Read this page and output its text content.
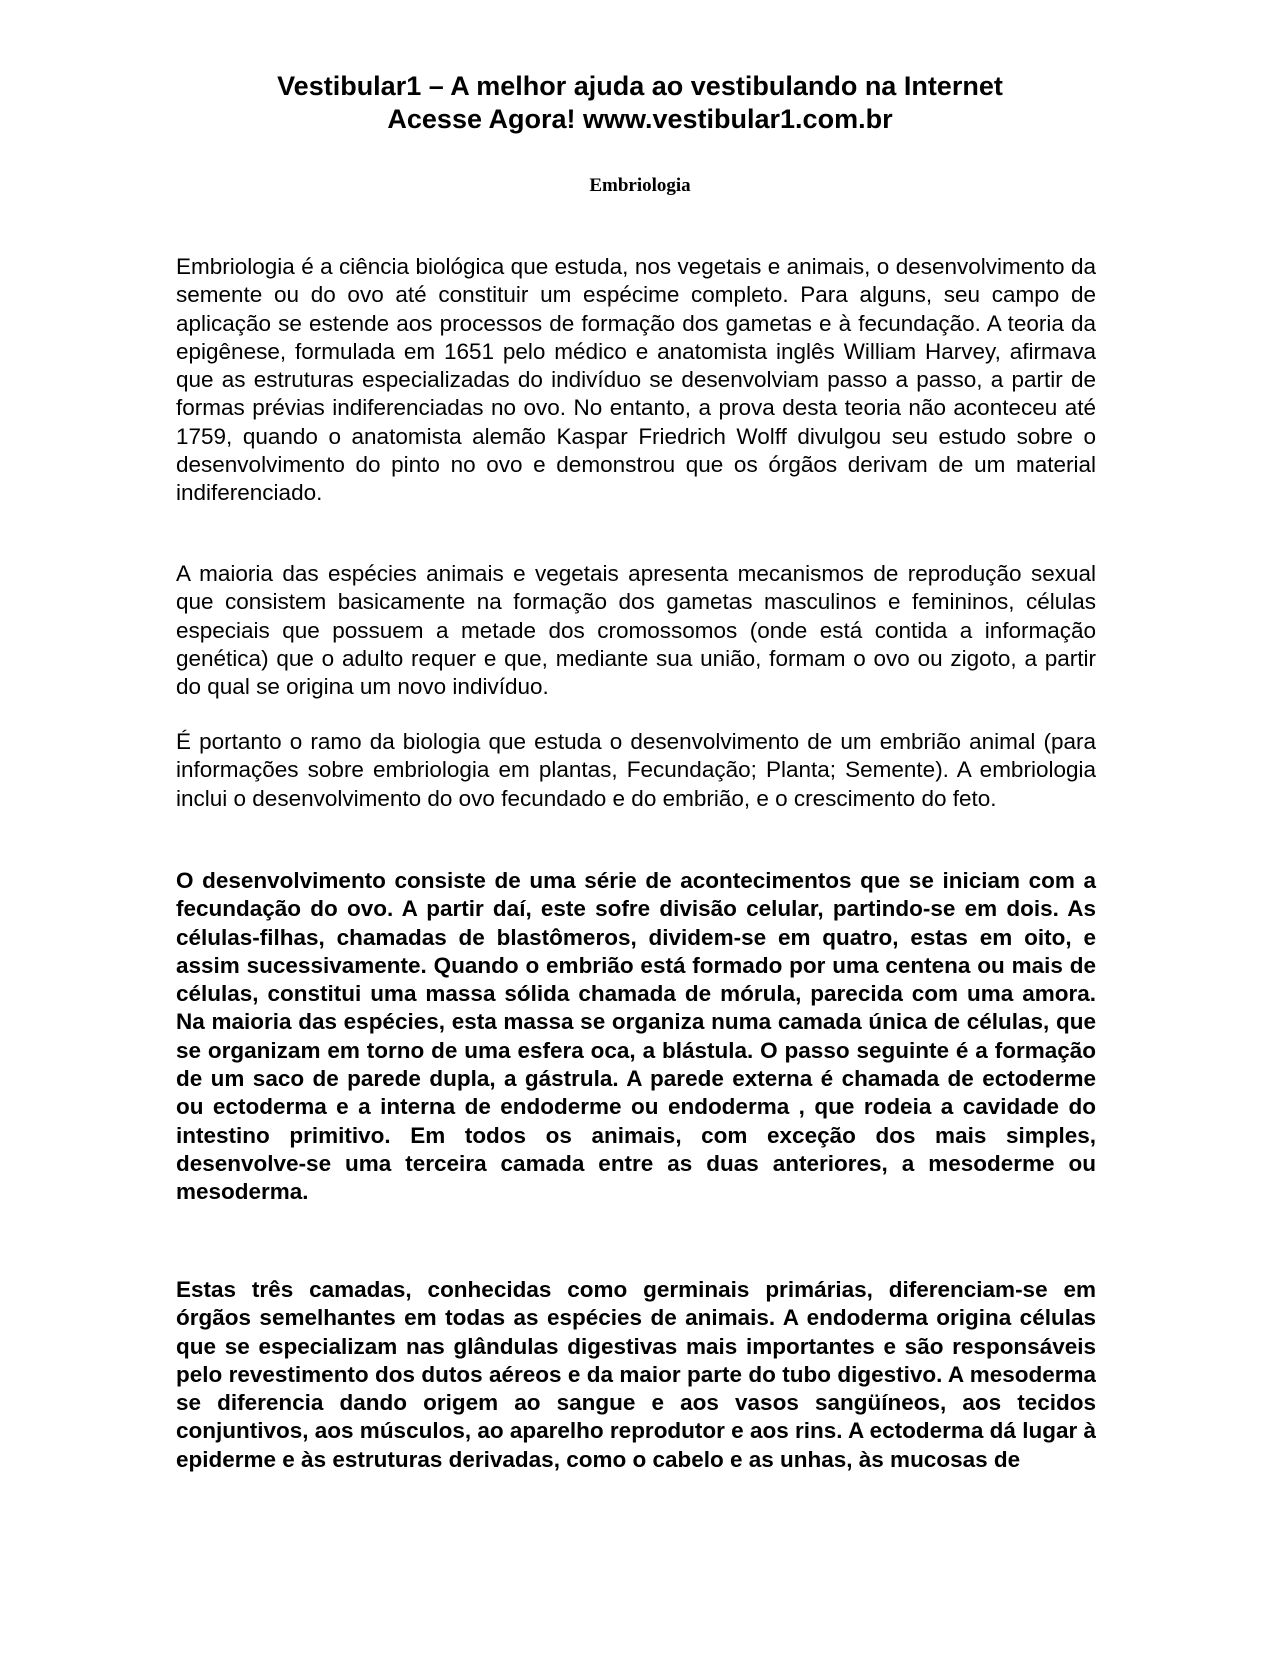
Vestibular1 – A melhor ajuda ao vestibulando na Internet
Acesse Agora! www.vestibular1.com.br
Embriologia

Embriologia é a ciência biológica que estuda, nos vegetais e animais, o desenvolvimento da semente ou do ovo até constituir um espécime completo. Para alguns, seu campo de aplicação se estende aos processos de formação dos gametas e à fecundação. A teoria da epigênese, formulada em 1651 pelo médico e anatomista inglês William Harvey, afirmava que as estruturas especializadas do indivíduo se desenvolviam passo a passo, a partir de formas prévias indiferenciadas no ovo. No entanto, a prova desta teoria não aconteceu até 1759, quando o anatomista alemão Kaspar Friedrich Wolff divulgou seu estudo sobre o desenvolvimento do pinto no ovo e demonstrou que os órgãos derivam de um material indiferenciado.

A maioria das espécies animais e vegetais apresenta mecanismos de reprodução sexual que consistem basicamente na formação dos gametas masculinos e femininos, células especiais que possuem a metade dos cromossomos (onde está contida a informação genética) que o adulto requer e que, mediante sua união, formam o ovo ou zigoto, a partir do qual se origina um novo indivíduo.

É portanto o ramo da biologia que estuda o desenvolvimento de um embrião animal (para informações sobre embriologia em plantas, Fecundação; Planta; Semente). A embriologia inclui o desenvolvimento do ovo fecundado e do embrião, e o crescimento do feto.

O desenvolvimento consiste de uma série de acontecimentos que se iniciam com a fecundação do ovo. A partir daí, este sofre divisão celular, partindo-se em dois. As células-filhas, chamadas de blastômeros, dividem-se em quatro, estas em oito, e assim sucessivamente. Quando o embrião está formado por uma centena ou mais de células, constitui uma massa sólida chamada de mórula, parecida com uma amora. Na maioria das espécies, esta massa se organiza numa camada única de células, que se organizam em torno de uma esfera oca, a blástula. O passo seguinte é a formação de um saco de parede dupla, a gástrula. A parede externa é chamada de ectoderme ou ectoderma e a interna de endoderme ou endoderma , que rodeia a cavidade do intestino primitivo. Em todos os animais, com exceção dos mais simples, desenvolve-se uma terceira camada entre as duas anteriores, a mesoderme ou mesoderma.

Estas três camadas, conhecidas como germinais primárias, diferenciam-se em órgãos semelhantes em todas as espécies de animais. A endoderma origina células que se especializam nas glândulas digestivas mais importantes e são responsáveis pelo revestimento dos dutos aéreos e da maior parte do tubo digestivo. A mesoderma se diferencia dando origem ao sangue e aos vasos sangüíneos, aos tecidos conjuntivos, aos músculos, ao aparelho reprodutor e aos rins. A ectoderma dá lugar à epiderme e às estruturas derivadas, como o cabelo e as unhas, às mucosas de
